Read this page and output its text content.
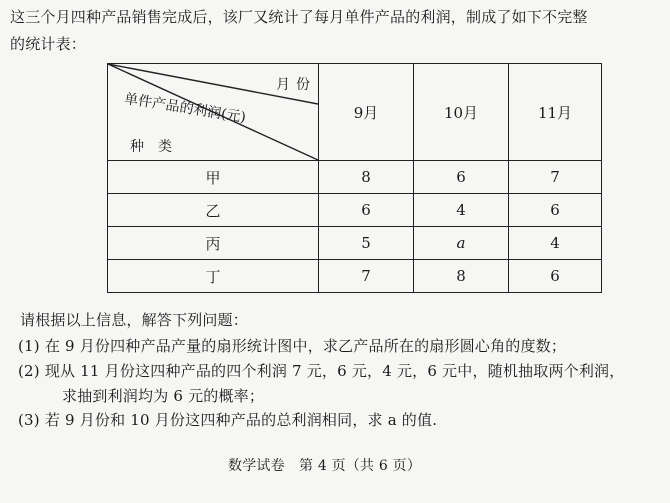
这三个月四种产品销售完成后，该厂又统计了每月单件产品的利润，制成了如下不完整
的统计表：
月份
单件产品的利润(元)
种类	9月	10月	11月
甲	8	6	7
乙	6	4	6
丙	5	a	4
丁	7	8	6
请根据以上信息，解答下列问题：
(1) 在 9 月份四种产品产量的扇形统计图中，求乙产品所在的扇形圆心角的度数；
(2) 现从 11 月份这四种产品的四个利润 7 元，6 元，4 元，6 元中，随机抽取两个利润，
求抽到利润均为 6 元的概率；
(3) 若 9 月份和 10 月份这四种产品的总利润相同，求 a 的值.
数学试卷　第 4 页（共 6 页）
